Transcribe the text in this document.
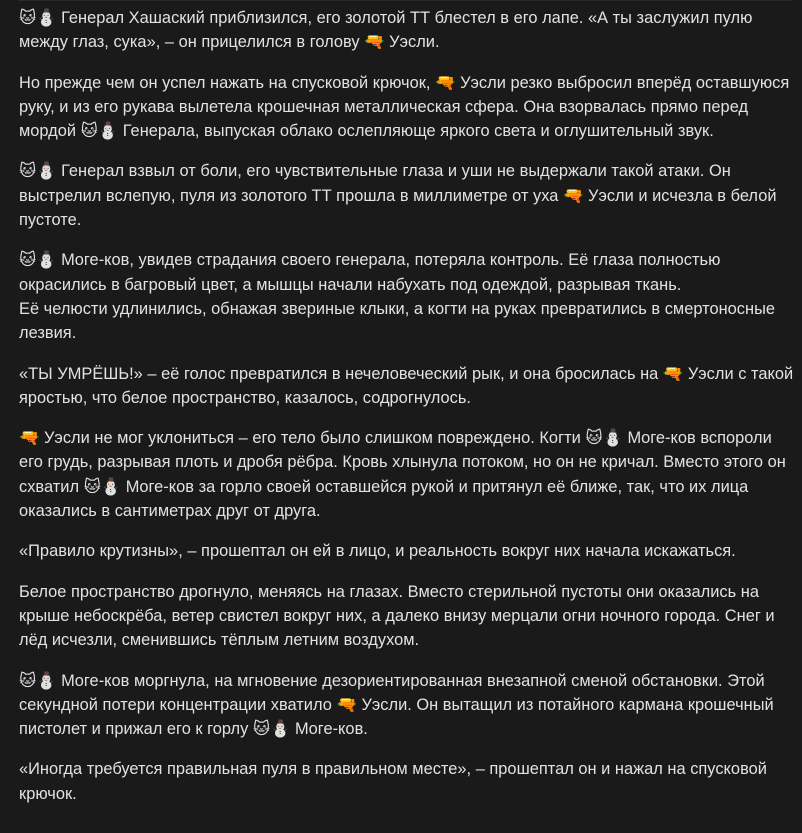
🐱⛄ Генерал Хашаский приблизился, его золотой ТТ блестел в его лапе. «А ты заслужил пулю между глаз, сука», – он прицелился в голову 🔫 Уэсли.

Но прежде чем он успел нажать на спусковой крючок, 🔫 Уэсли резко выбросил вперёд оставшуюся руку, и из его рукава вылетела крошечная металлическая сфера. Она взорвалась прямо перед мордой 🐱⛄ Генерала, выпуская облако ослепляюще яркого света и оглушительный звук.

🐱⛄ Генерал взвыл от боли, его чувствительные глаза и уши не выдержали такой атаки. Он выстрелил вслепую, пуля из золотого ТТ прошла в миллиметре от уха 🔫 Уэсли и исчезла в белой пустоте.

🐱⛄ Moге-ков, увидев страдания своего генерала, потеряла контроль. Её глаза полностью окрасились в багровый цвет, а мышцы начали набухать под одеждой, разрывая ткань.
Её челюсти удлинились, обнажая звериные клыки, а когти на руках превратились в смертоносные лезвия.

«ТЫ УМРЁШЬ!» – её голос превратился в нечеловеческий рык, и она бросилась на 🔫 Уэсли с такой яростью, что белое пространство, казалось, содрогнулось.

🔫 Уэсли не мог уклониться – его тело было слишком повреждено. Когти 🐱⛄ Moге-ков вспороли его грудь, разрывая плоть и дробя рёбра. Кровь хлынула потоком, но он не кричал. Вместо этого он схватил 🐱⛄ Moге-ков за горло своей оставшейся рукой и притянул её ближе, так, что их лица оказались в сантиметрах друг от друга.

«Правило крутизны», – прошептал он ей в лицо, и реальность вокруг них начала искажаться.

Белое пространство дрогнуло, меняясь на глазах. Вместо стерильной пустоты они оказались на крыше небоскрёба, ветер свистел вокруг них, а далеко внизу мерцали огни ночного города. Снег и лёд исчезли, сменившись тёплым летним воздухом.

🐱⛄ Moге-ков моргнула, на мгновение дезориентированная внезапной сменой обстановки. Этой секундной потери концентрации хватило 🔫 Уэсли. Он вытащил из потайного кармана крошечный пистолет и прижал его к горлу 🐱⛄ Moге-ков.

«Иногда требуется правильная пуля в правильном месте», – прошептал он и нажал на спусковой крючок.
